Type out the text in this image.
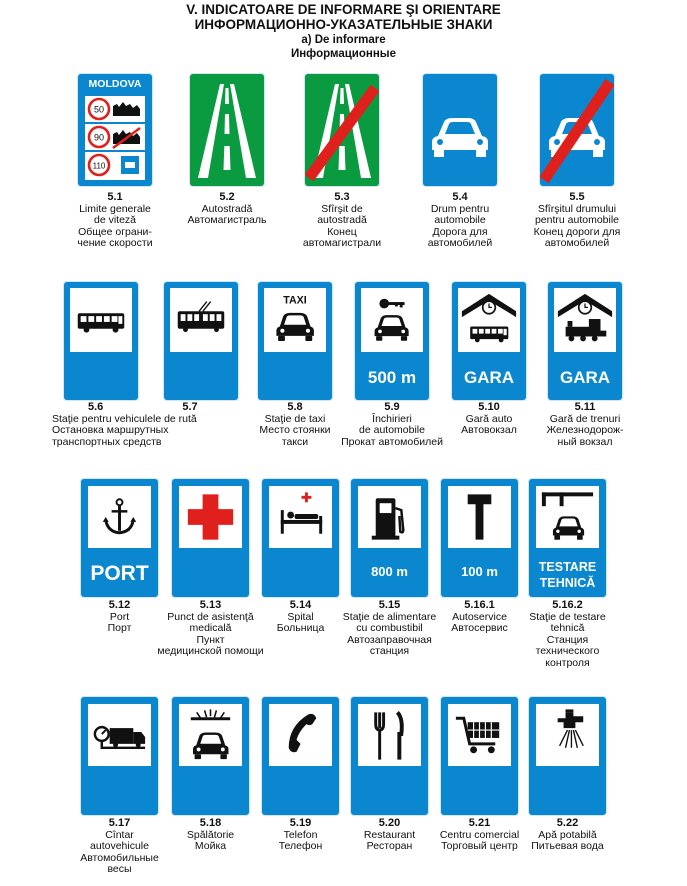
V. INDICATOARE DE INFORMARE ŞI ORIENTARE
ИНФОРМАЦИОННО-УКАЗАТЕЛЬНЫЕ ЗНАКИ
a) De informare
Информационные
MOLDOVA
50
90
110
5.1
Limite generale
de viteză
Общее ограни-
чение скорости
5.2
Autostradă
Автомагистраль
5.3
Sfîrşit de
autostradă
Конец
автомагистрали
5.4
Drum pentru
automobile
Дорога для
автомобилей
5.5
Sfîrşitul drumului
pentru automobile
Конец дороги для
автомобилей
5.6
Staţie pentru vehiculele de rută
Остановка маршрутных
транспортных средств
5.7
TAXI
5.8
Staţie de taxi
Место стоянки
такси
500 m
5.9
Închirieri
de automobile
Прокат автомобилей
GARA
5.10
Gară auto
Автовокзал
GARA
5.11
Gară de trenuri
Железнодорож-
ный вокзал
PORT
5.12
Port
Порт
5.13
Punct de asistenţă
medicală
Пункт
медицинской помощи
5.14
Spital
Больница
800 m
5.15
Staţie de alimentare
cu combustibil
Автозаправочная
станция
100 m
5.16.1
Autoservice
Автосервис
TESTARE
TEHNICĂ
5.16.2
Staţie de testare
tehnică
Станция
технического
контроля
5.17
Cîntar
autovehicule
Автомобильные
весы
5.18
Spălătorie
Мойка
5.19
Telefon
Телефон
5.20
Restaurant
Ресторан
5.21
Centru comercial
Торговый центр
5.22
Apă potabilă
Питьевая вода
